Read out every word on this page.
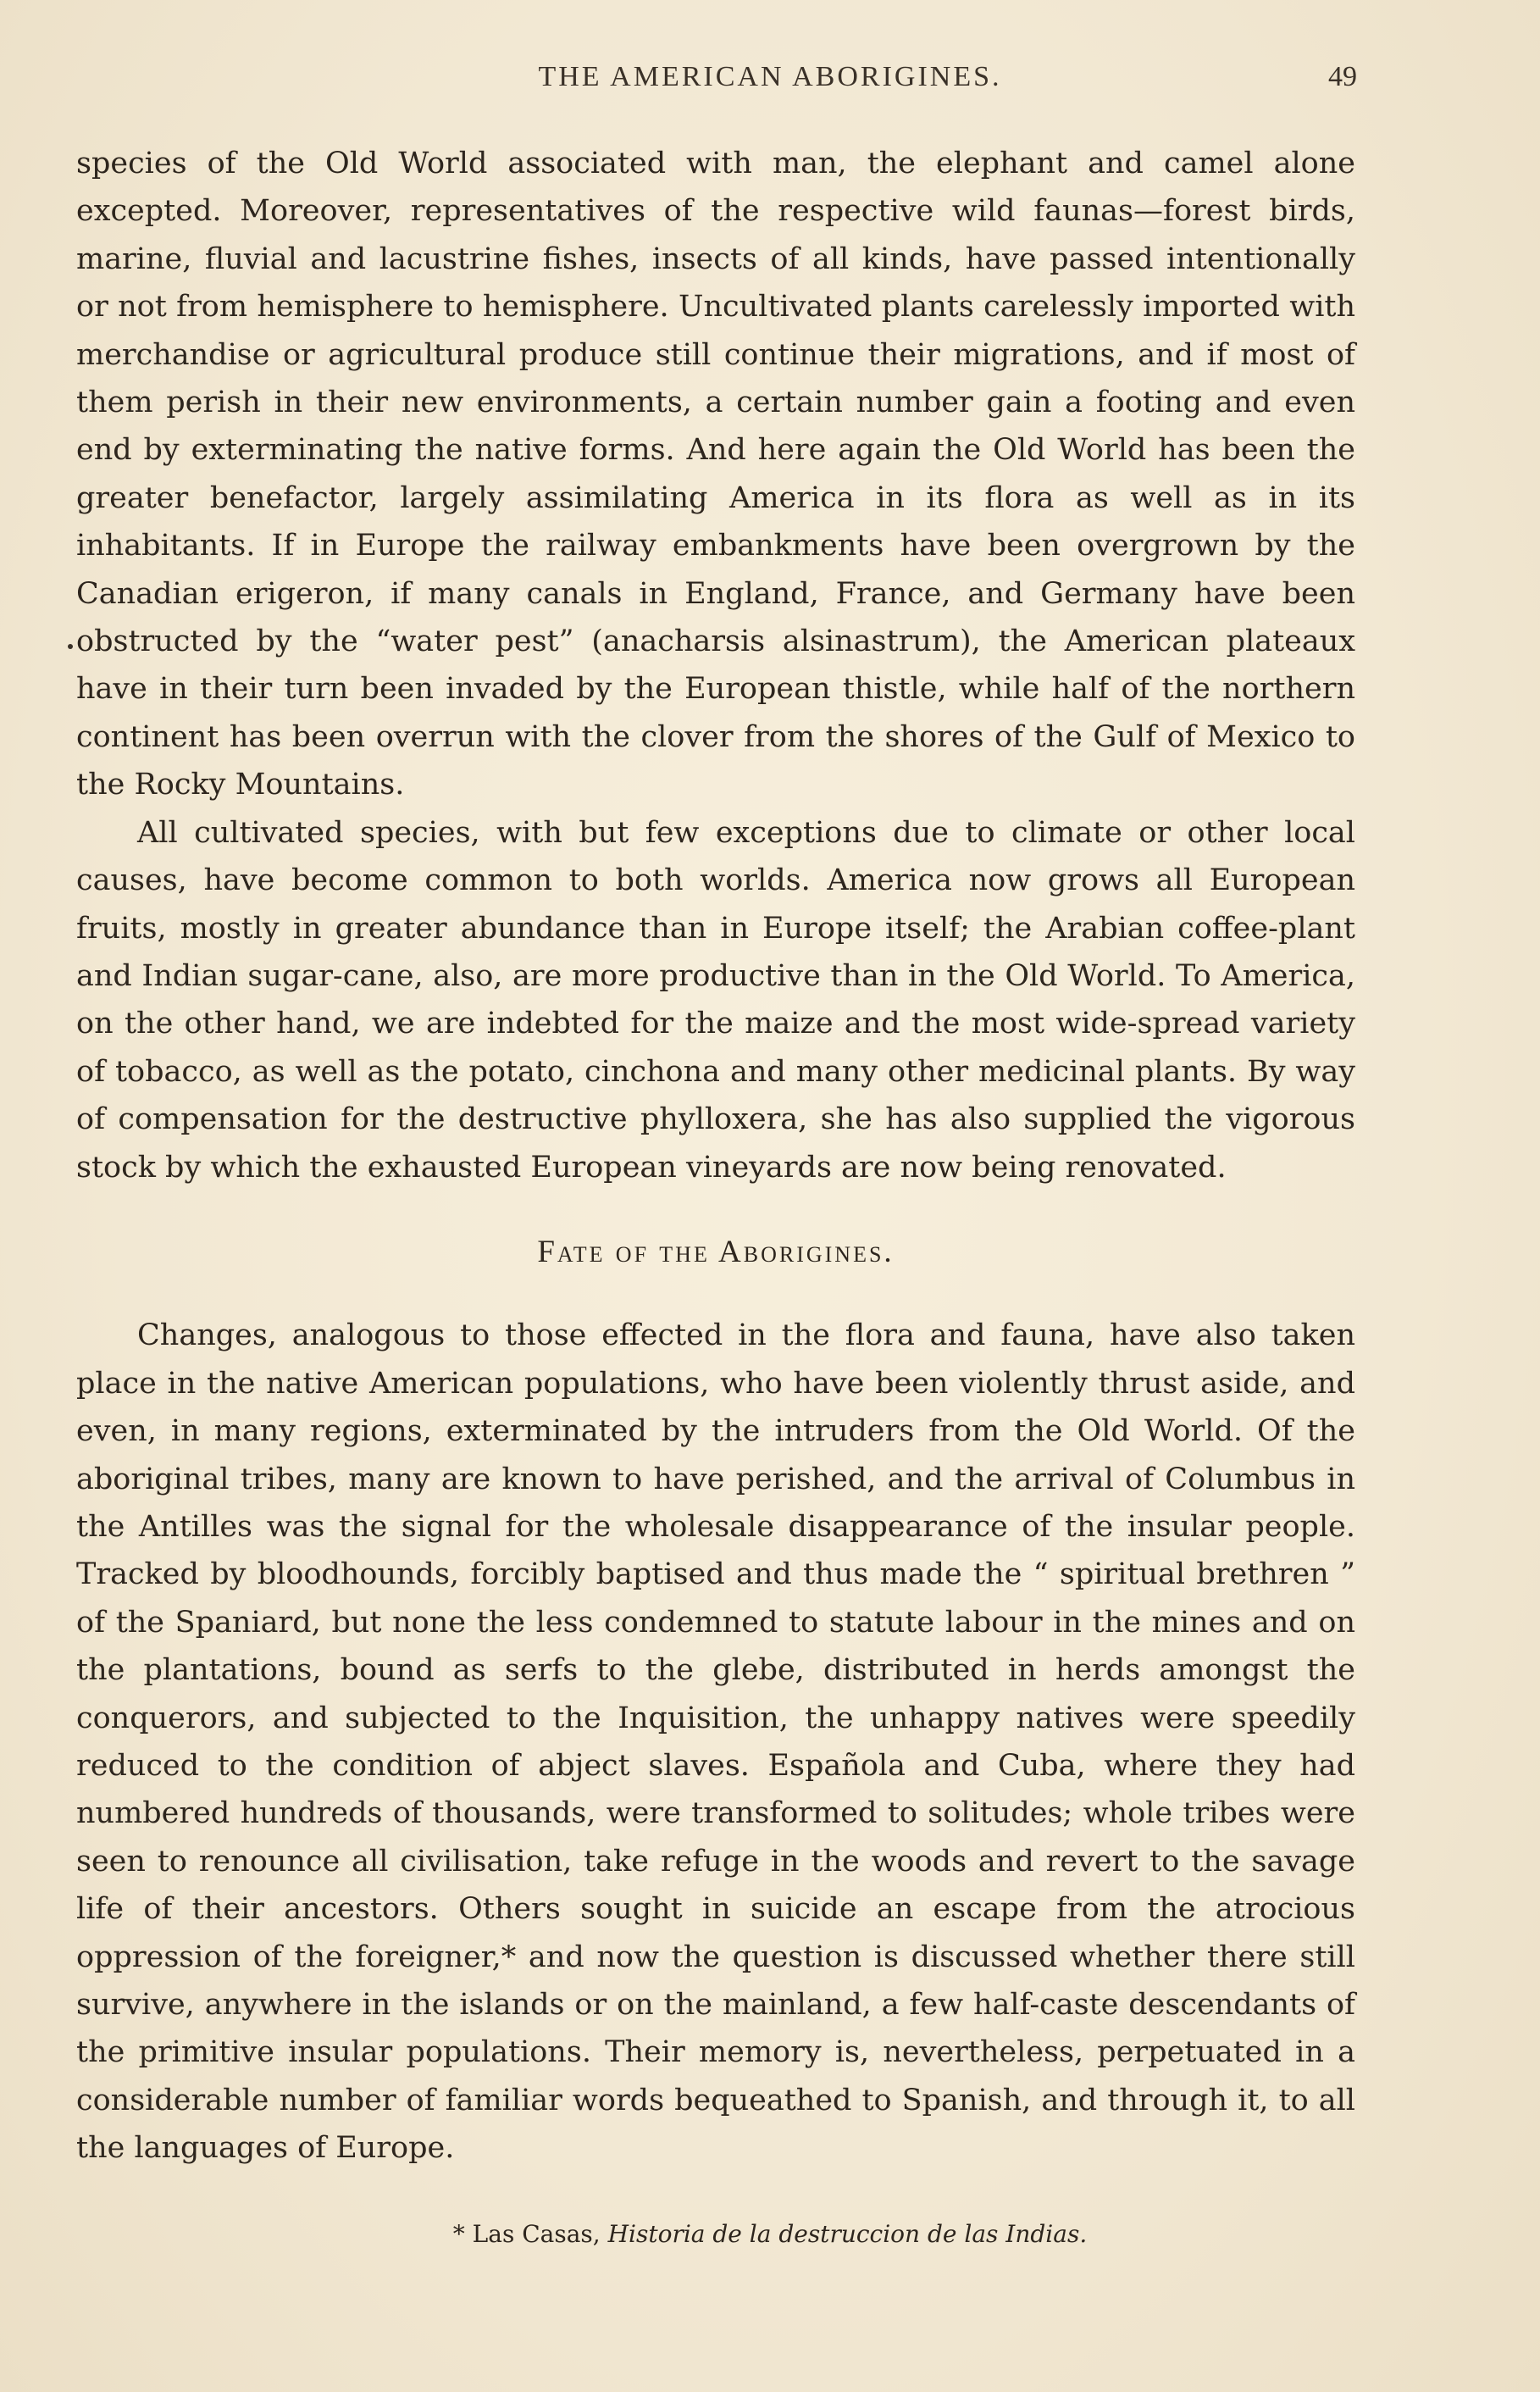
THE AMERICAN ABORIGINES.	49

species of the Old World associated with man, the elephant and camel alone excepted. Moreover, representatives of the respective wild faunas—forest birds, marine, fluvial and lacustrine fishes, insects of all kinds, have passed intentionally or not from hemisphere to hemisphere. Uncultivated plants carelessly imported with merchandise or agricultural produce still continue their migrations, and if most of them perish in their new environments, a certain number gain a footing and even end by exterminating the native forms. And here again the Old World has been the greater benefactor, largely assimilating America in its flora as well as in its inhabitants. If in Europe the railway embankments have been overgrown by the Canadian erigeron, if many canals in England, France, and Germany have been obstructed by the “water pest” (anacharsis alsinastrum), the American plateaux have in their turn been invaded by the European thistle, while half of the northern continent has been overrun with the clover from the shores of the Gulf of Mexico to the Rocky Mountains.

All cultivated species, with but few exceptions due to climate or other local causes, have become common to both worlds. America now grows all European fruits, mostly in greater abundance than in Europe itself; the Arabian coffee-plant and Indian sugar-cane, also, are more productive than in the Old World. To America, on the other hand, we are indebted for the maize and the most wide-spread variety of tobacco, as well as the potato, cinchona and many other medicinal plants. By way of compensation for the destructive phylloxera, she has also supplied the vigorous stock by which the exhausted European vineyards are now being renovated.

Fate of the Aborigines.

Changes, analogous to those effected in the flora and fauna, have also taken place in the native American populations, who have been violently thrust aside, and even, in many regions, exterminated by the intruders from the Old World. Of the aboriginal tribes, many are known to have perished, and the arrival of Columbus in the Antilles was the signal for the wholesale disappearance of the insular people. Tracked by bloodhounds, forcibly baptised and thus made the “ spiritual brethren ” of the Spaniard, but none the less condemned to statute labour in the mines and on the plantations, bound as serfs to the glebe, distributed in herds amongst the conquerors, and subjected to the Inquisition, the unhappy natives were speedily reduced to the condition of abject slaves. Española and Cuba, where they had numbered hundreds of thousands, were transformed to solitudes; whole tribes were seen to renounce all civilisation, take refuge in the woods and revert to the savage life of their ancestors. Others sought in suicide an escape from the atrocious oppression of the foreigner,* and now the question is discussed whether there still survive, anywhere in the islands or on the mainland, a few half-caste descendants of the primitive insular populations. Their memory is, nevertheless, perpetuated in a considerable number of familiar words bequeathed to Spanish, and through it, to all the languages of Europe.

* Las Casas, Historia de la destruccion de las Indias.
